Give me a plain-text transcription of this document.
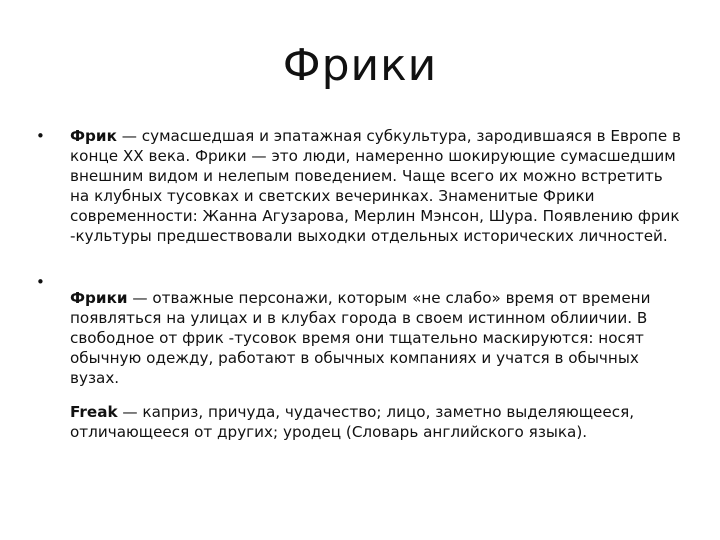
Фрики
• Фрик — сумасшедшая и эпатажная субкультура, зародившаяся в Европе в конце XX века. Фрики — это люди, намеренно шокирующие сумасшедшим внешним видом и нелепым поведением. Чаще всего их можно встретить на клубных тусовках и светских вечеринках. Знаменитые Фрики современности: Жанна Агузарова, Мерлин Мэнсон, Шура. Появлению фрик -культуры предшествовали выходки отдельных исторических личностей.
•
Фрики — отважные персонажи, которым «не слабо» время от времени появляться на улицах и в клубах города в своем истинном облиичии. В свободное от фрик -тусовок время они тщательно маскируются: носят обычную одежду, работают в обычных компаниях и учатся в обычных вузах.
Freak — каприз, причуда, чудачество; лицо, заметно выделяющееся, отличающееся от других; уродец (Словарь английского языка).
